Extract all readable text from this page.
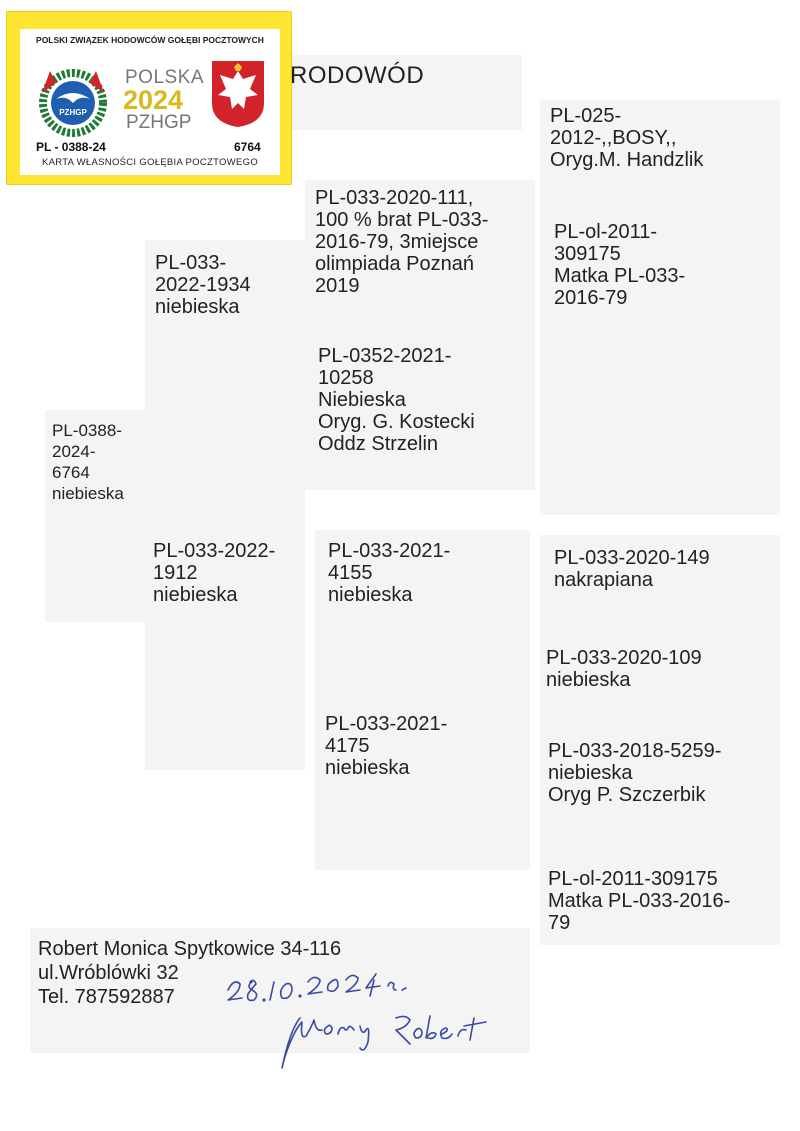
POLSKI ZWIĄZEK HODOWCÓW GOŁĘBI POCZTOWYCH
PZHGP
POLSKA
2024
PZHGP
PL - 0388-24	6764
KARTA WŁASNOŚCI GOŁĘBIA POCZTOWEGO
RODOWÓD
PL-0388-
2024-
6764
niebieska
PL-033-
2022-1934
niebieska
PL-033-2022-
1912
niebieska
PL-033-2020-111,
100 % brat PL-033-
2016-79, 3miejsce
olimpiada Poznań
2019
PL-0352-2021-
10258
Niebieska
Oryg. G. Kostecki
Oddz Strzelin
PL-033-2021-
4155
niebieska
PL-033-2021-
4175
niebieska
PL-025-
2012-,,BOSY,,
Oryg.M. Handzlik
PL-ol-2011-
309175
Matka PL-033-
2016-79
PL-033-2020-149
nakrapiana
PL-033-2020-109
niebieska
PL-033-2018-5259-
niebieska
Oryg P. Szczerbik
PL-ol-2011-309175
Matka PL-033-2016-
79
Robert Monica Spytkowice 34-116
ul.Wróblówki 32
Tel. 787592887
